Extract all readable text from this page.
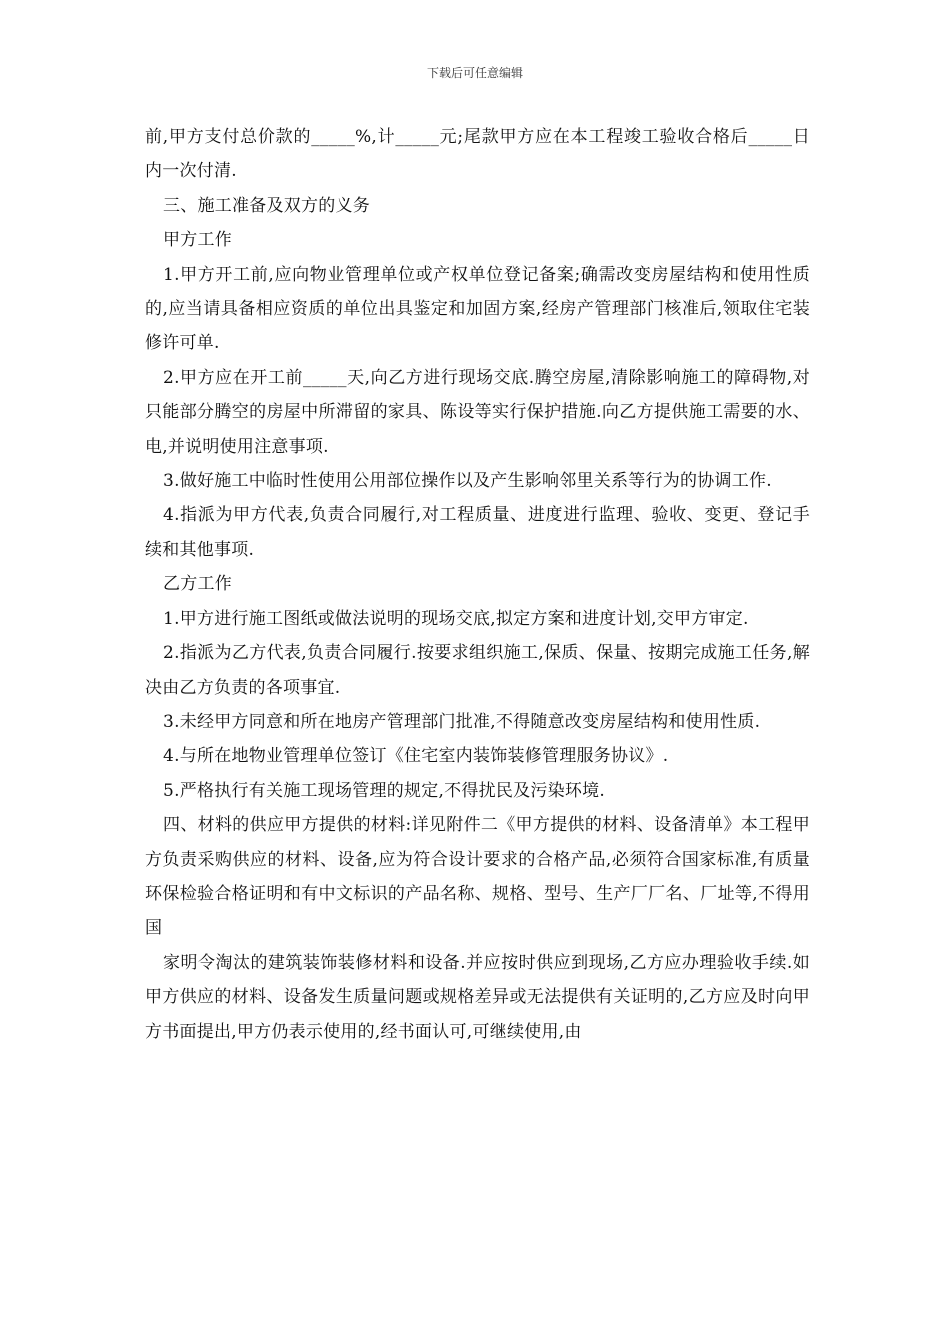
下载后可任意编辑

前,甲方支付总价款的_____%,计_____元;尾款甲方应在本工程竣工验收合格后_____日内一次付清.

三、施工准备及双方的义务

甲方工作

1.甲方开工前,应向物业管理单位或产权单位登记备案;确需改变房屋结构和使用性质的,应当请具备相应资质的单位出具鉴定和加固方案,经房产管理部门核准后,领取住宅装修许可单.

2.甲方应在开工前_____天,向乙方进行现场交底.腾空房屋,清除影响施工的障碍物,对只能部分腾空的房屋中所滞留的家具、陈设等实行保护措施.向乙方提供施工需要的水、电,并说明使用注意事项.

3.做好施工中临时性使用公用部位操作以及产生影响邻里关系等行为的协调工作.

4.指派为甲方代表,负责合同履行,对工程质量、进度进行监理、验收、变更、登记手续和其他事项.

乙方工作

1.甲方进行施工图纸或做法说明的现场交底,拟定方案和进度计划,交甲方审定.

2.指派为乙方代表,负责合同履行.按要求组织施工,保质、保量、按期完成施工任务,解决由乙方负责的各项事宜.

3.未经甲方同意和所在地房产管理部门批准,不得随意改变房屋结构和使用性质.

4.与所在地物业管理单位签订《住宅室内装饰装修管理服务协议》.

5.严格执行有关施工现场管理的规定,不得扰民及污染环境.

四、材料的供应甲方提供的材料:详见附件二《甲方提供的材料、设备清单》本工程甲方负责采购供应的材料、设备,应为符合设计要求的合格产品,必须符合国家标准,有质量环保检验合格证明和有中文标识的产品名称、规格、型号、生产厂厂名、厂址等,不得用国

家明令淘汰的建筑装饰装修材料和设备.并应按时供应到现场,乙方应办理验收手续.如甲方供应的材料、设备发生质量问题或规格差异或无法提供有关证明的,乙方应及时向甲方书面提出,甲方仍表示使用的,经书面认可,可继续使用,由
